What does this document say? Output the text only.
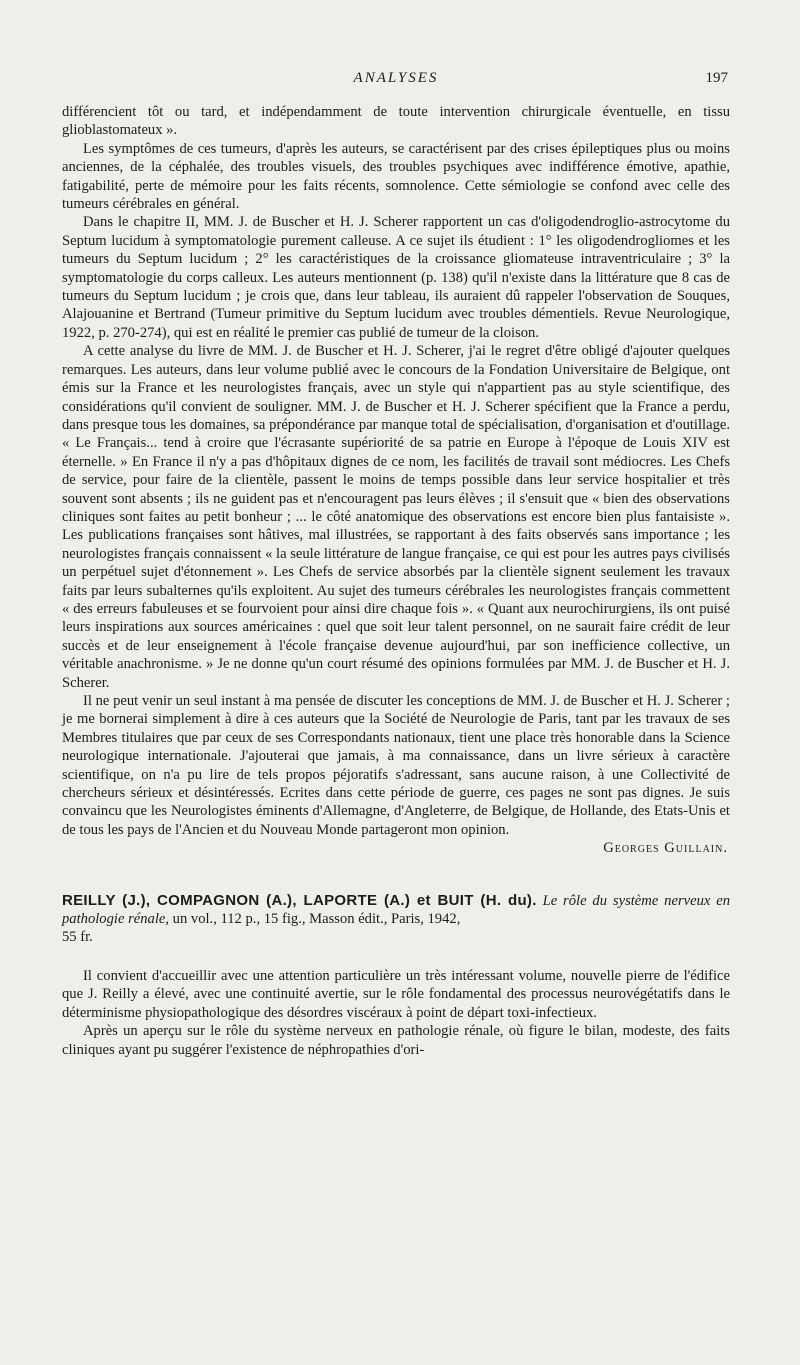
ANALYSES	197

différencient tôt ou tard, et indépendamment de toute intervention chirurgicale éventuelle, en tissu glioblastomateux ».

Les symptômes de ces tumeurs, d'après les auteurs, se caractérisent par des crises épileptiques plus ou moins anciennes, de la céphalée, des troubles visuels, des troubles psychiques avec indifférence émotive, apathie, fatigabilité, perte de mémoire pour les faits récents, somnolence. Cette sémiologie se confond avec celle des tumeurs cérébrales en général.

Dans le chapitre II, MM. J. de Buscher et H. J. Scherer rapportent un cas d'oligodendroglio-astrocytome du Septum lucidum à symptomatologie purement calleuse. A ce sujet ils étudient : 1° les oligodendrogliomes et les tumeurs du Septum lucidum ; 2° les caractéristiques de la croissance gliomateuse intraventriculaire ; 3° la symptomatologie du corps calleux. Les auteurs mentionnent (p. 138) qu'il n'existe dans la littérature que 8 cas de tumeurs du Septum lucidum ; je crois que, dans leur tableau, ils auraient dû rappeler l'observation de Souques, Alajouanine et Bertrand (Tumeur primitive du Septum lucidum avec troubles démentiels. Revue Neurologique, 1922, p. 270-274), qui est en réalité le premier cas publié de tumeur de la cloison.

A cette analyse du livre de MM. J. de Buscher et H. J. Scherer, j'ai le regret d'être obligé d'ajouter quelques remarques. Les auteurs, dans leur volume publié avec le concours de la Fondation Universitaire de Belgique, ont émis sur la France et les neurologistes français, avec un style qui n'appartient pas au style scientifique, des considérations qu'il convient de souligner. MM. J. de Buscher et H. J. Scherer spécifient que la France a perdu, dans presque tous les domaines, sa prépondérance par manque total de spécialisation, d'organisation et d'outillage. « Le Français... tend à croire que l'écrasante supériorité de sa patrie en Europe à l'époque de Louis XIV est éternelle. » En France il n'y a pas d'hôpitaux dignes de ce nom, les facilités de travail sont médiocres. Les Chefs de service, pour faire de la clientèle, passent le moins de temps possible dans leur service hospitalier et très souvent sont absents ; ils ne guident pas et n'encouragent pas leurs élèves ; il s'ensuit que « bien des observations cliniques sont faites au petit bonheur ; ... le côté anatomique des observations est encore bien plus fantaisiste ». Les publications françaises sont hâtives, mal illustrées, se rapportant à des faits observés sans importance ; les neurologistes français connaissent « la seule littérature de langue française, ce qui est pour les autres pays civilisés un perpétuel sujet d'étonnement ». Les Chefs de service absorbés par la clientèle signent seulement les travaux faits par leurs subalternes qu'ils exploitent. Au sujet des tumeurs cérébrales les neurologistes français commettent « des erreurs fabuleuses et se fourvoient pour ainsi dire chaque fois ». « Quant aux neurochirurgiens, ils ont puisé leurs inspirations aux sources américaines : quel que soit leur talent personnel, on ne saurait faire crédit de leur succès et de leur enseignement à l'école française devenue aujourd'hui, par son inefficience collective, un véritable anachronisme. » Je ne donne qu'un court résumé des opinions formulées par MM. J. de Buscher et H. J. Scherer.

Il ne peut venir un seul instant à ma pensée de discuter les conceptions de MM. J. de Buscher et H. J. Scherer ; je me bornerai simplement à dire à ces auteurs que la Société de Neurologie de Paris, tant par les travaux de ses Membres titulaires que par ceux de ses Correspondants nationaux, tient une place très honorable dans la Science neurologique internationale. J'ajouterai que jamais, à ma connaissance, dans un livre sérieux à caractère scientifique, on n'a pu lire de tels propos péjoratifs s'adressant, sans aucune raison, à une Collectivité de chercheurs sérieux et désintéressés. Ecrites dans cette période de guerre, ces pages ne sont pas dignes. Je suis convaincu que les Neurologistes éminents d'Allemagne, d'Angleterre, de Belgique, de Hollande, des Etats-Unis et de tous les pays de l'Ancien et du Nouveau Monde partageront mon opinion.

Georges Guillain.
REILLY (J.), COMPAGNON (A.), LAPORTE (A.) et BUIT (H. du). Le rôle du système nerveux en pathologie rénale, un vol., 112 p., 15 fig., Masson édit., Paris, 1942,
55 fr.

Il convient d'accueillir avec une attention particulière un très intéressant volume, nouvelle pierre de l'édifice que J. Reilly a élevé, avec une continuité avertie, sur le rôle fondamental des processus neurovégétatifs dans le déterminisme physiopathologique des désordres viscéraux à point de départ toxi-infectieux.

Après un aperçu sur le rôle du système nerveux en pathologie rénale, où figure le bilan, modeste, des faits cliniques ayant pu suggérer l'existence de néphropathies d'ori-
